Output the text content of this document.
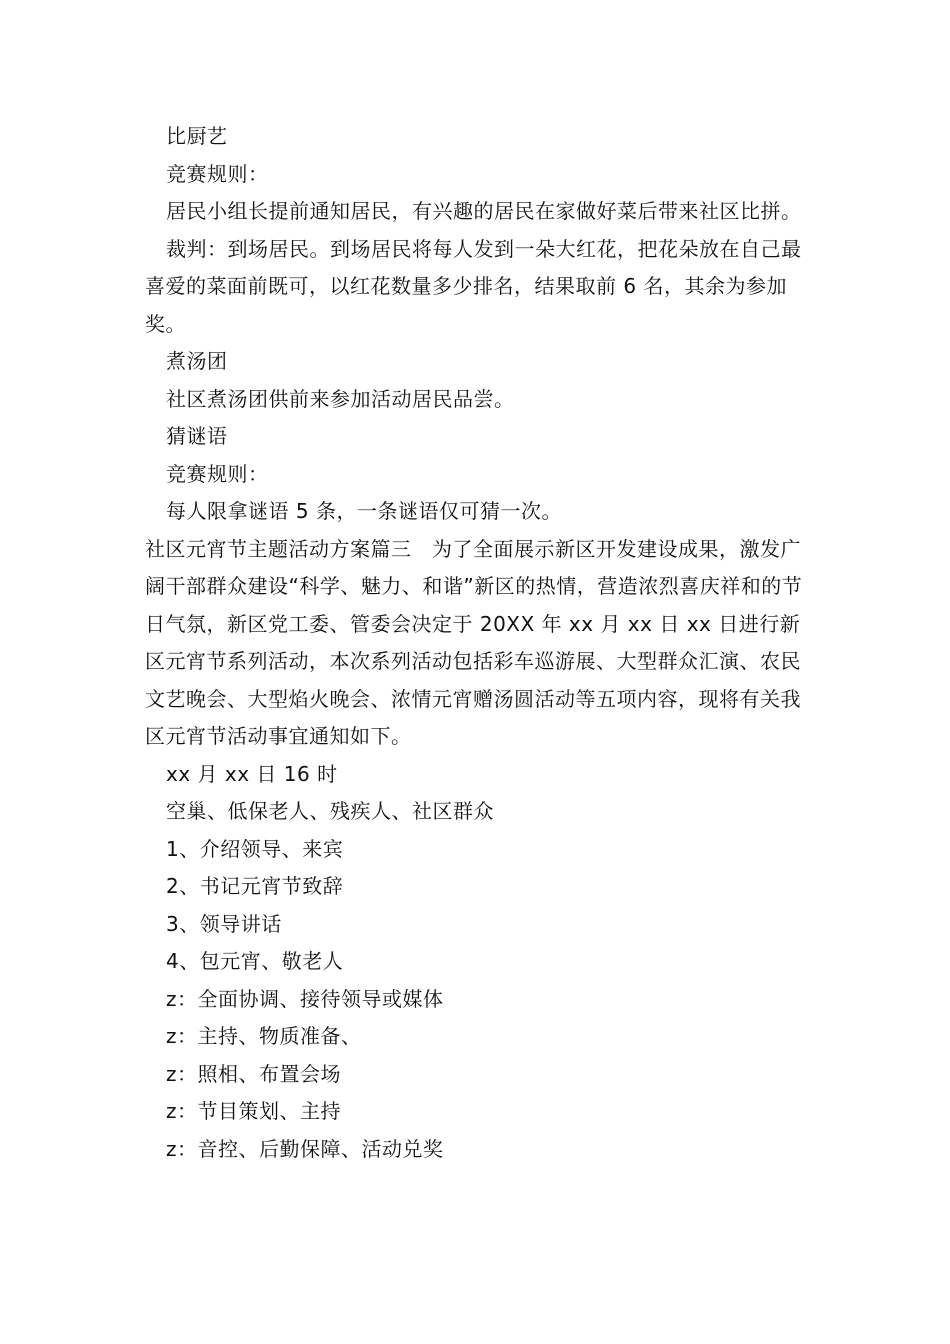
比厨艺

竞赛规则：

居民小组长提前通知居民，有兴趣的居民在家做好菜后带来社区比拼。

裁判：到场居民。到场居民将每人发到一朵大红花，把花朵放在自己最喜爱的菜面前既可，以红花数量多少排名，结果取前 6 名，其余为参加奖。

煮汤团

社区煮汤团供前来参加活动居民品尝。

猜谜语

竞赛规则：

每人限拿谜语 5 条，一条谜语仅可猜一次。

社区元宵节主题活动方案篇三　为了全面展示新区开发建设成果，激发广阔干部群众建设“科学、魅力、和谐”新区的热情，营造浓烈喜庆祥和的节日气氛，新区党工委、管委会决定于 20XX 年 xx 月 xx 日 xx 日进行新区元宵节系列活动，本次系列活动包括彩车巡游展、大型群众汇演、农民文艺晚会、大型焰火晚会、浓情元宵赠汤圆活动等五项内容，现将有关我区元宵节活动事宜通知如下。

xx 月 xx 日 16 时

空巢、低保老人、残疾人、社区群众

1、介绍领导、来宾

2、书记元宵节致辞

3、领导讲话

4、包元宵、敬老人

z：全面协调、接待领导或媒体

z：主持、物质准备、

z：照相、布置会场

z：节目策划、主持

z：音控、后勤保障、活动兑奖
